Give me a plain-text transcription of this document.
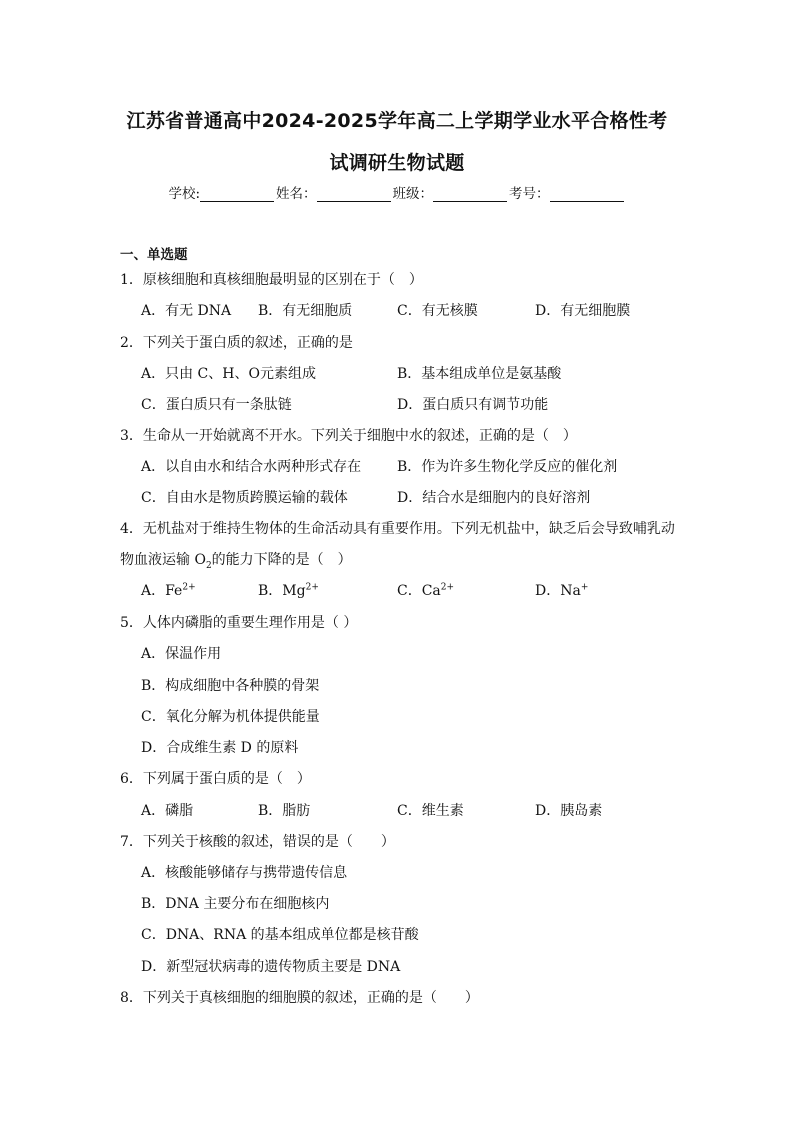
江苏省普通高中2024-2025学年高二上学期学业水平合格性考
试调研生物试题
学校:	姓名：	班级：	考号：
一、单选题
1．原核细胞和真核细胞最明显的区别在于（　）
A．有无 DNA B．有无细胞质	C．有无核膜	D．有无细胞膜
2．下列关于蛋白质的叙述，正确的是
A．只由 C、H、O元素组成	B．基本组成单位是氨基酸
C．蛋白质只有一条肽链	D．蛋白质只有调节功能
3．生命从一开始就离不开水。下列关于细胞中水的叙述，正确的是（　）
A．以自由水和结合水两种形式存在	B．作为许多生物化学反应的催化剂
C．自由水是物质跨膜运输的载体	D．结合水是细胞内的良好溶剂
4．无机盐对于维持生物体的生命活动具有重要作用。下列无机盐中，缺乏后会导致哺乳动
物血液运输 $O_2$的能力下降的是（　）
A．$Fe^{2+}$	B．$Mg^{2+}$	C．$Ca^{2+}$	D．Na+
5．人体内磷脂的重要生理作用是（ ）
A．保温作用
B．构成细胞中各种膜的骨架
C．氧化分解为机体提供能量
D．合成维生素 D 的原料
6．下列属于蛋白质的是（　）
A．磷脂	B．脂肪	C．维生素	D．胰岛素
7．下列关于核酸的叙述，错误的是（　　）
A．核酸能够储存与携带遗传信息
B．DNA 主要分布在细胞核内
C．DNA、RNA 的基本组成单位都是核苷酸
D．新型冠状病毒的遗传物质主要是 DNA
8．下列关于真核细胞的细胞膜的叙述，正确的是（　　）
